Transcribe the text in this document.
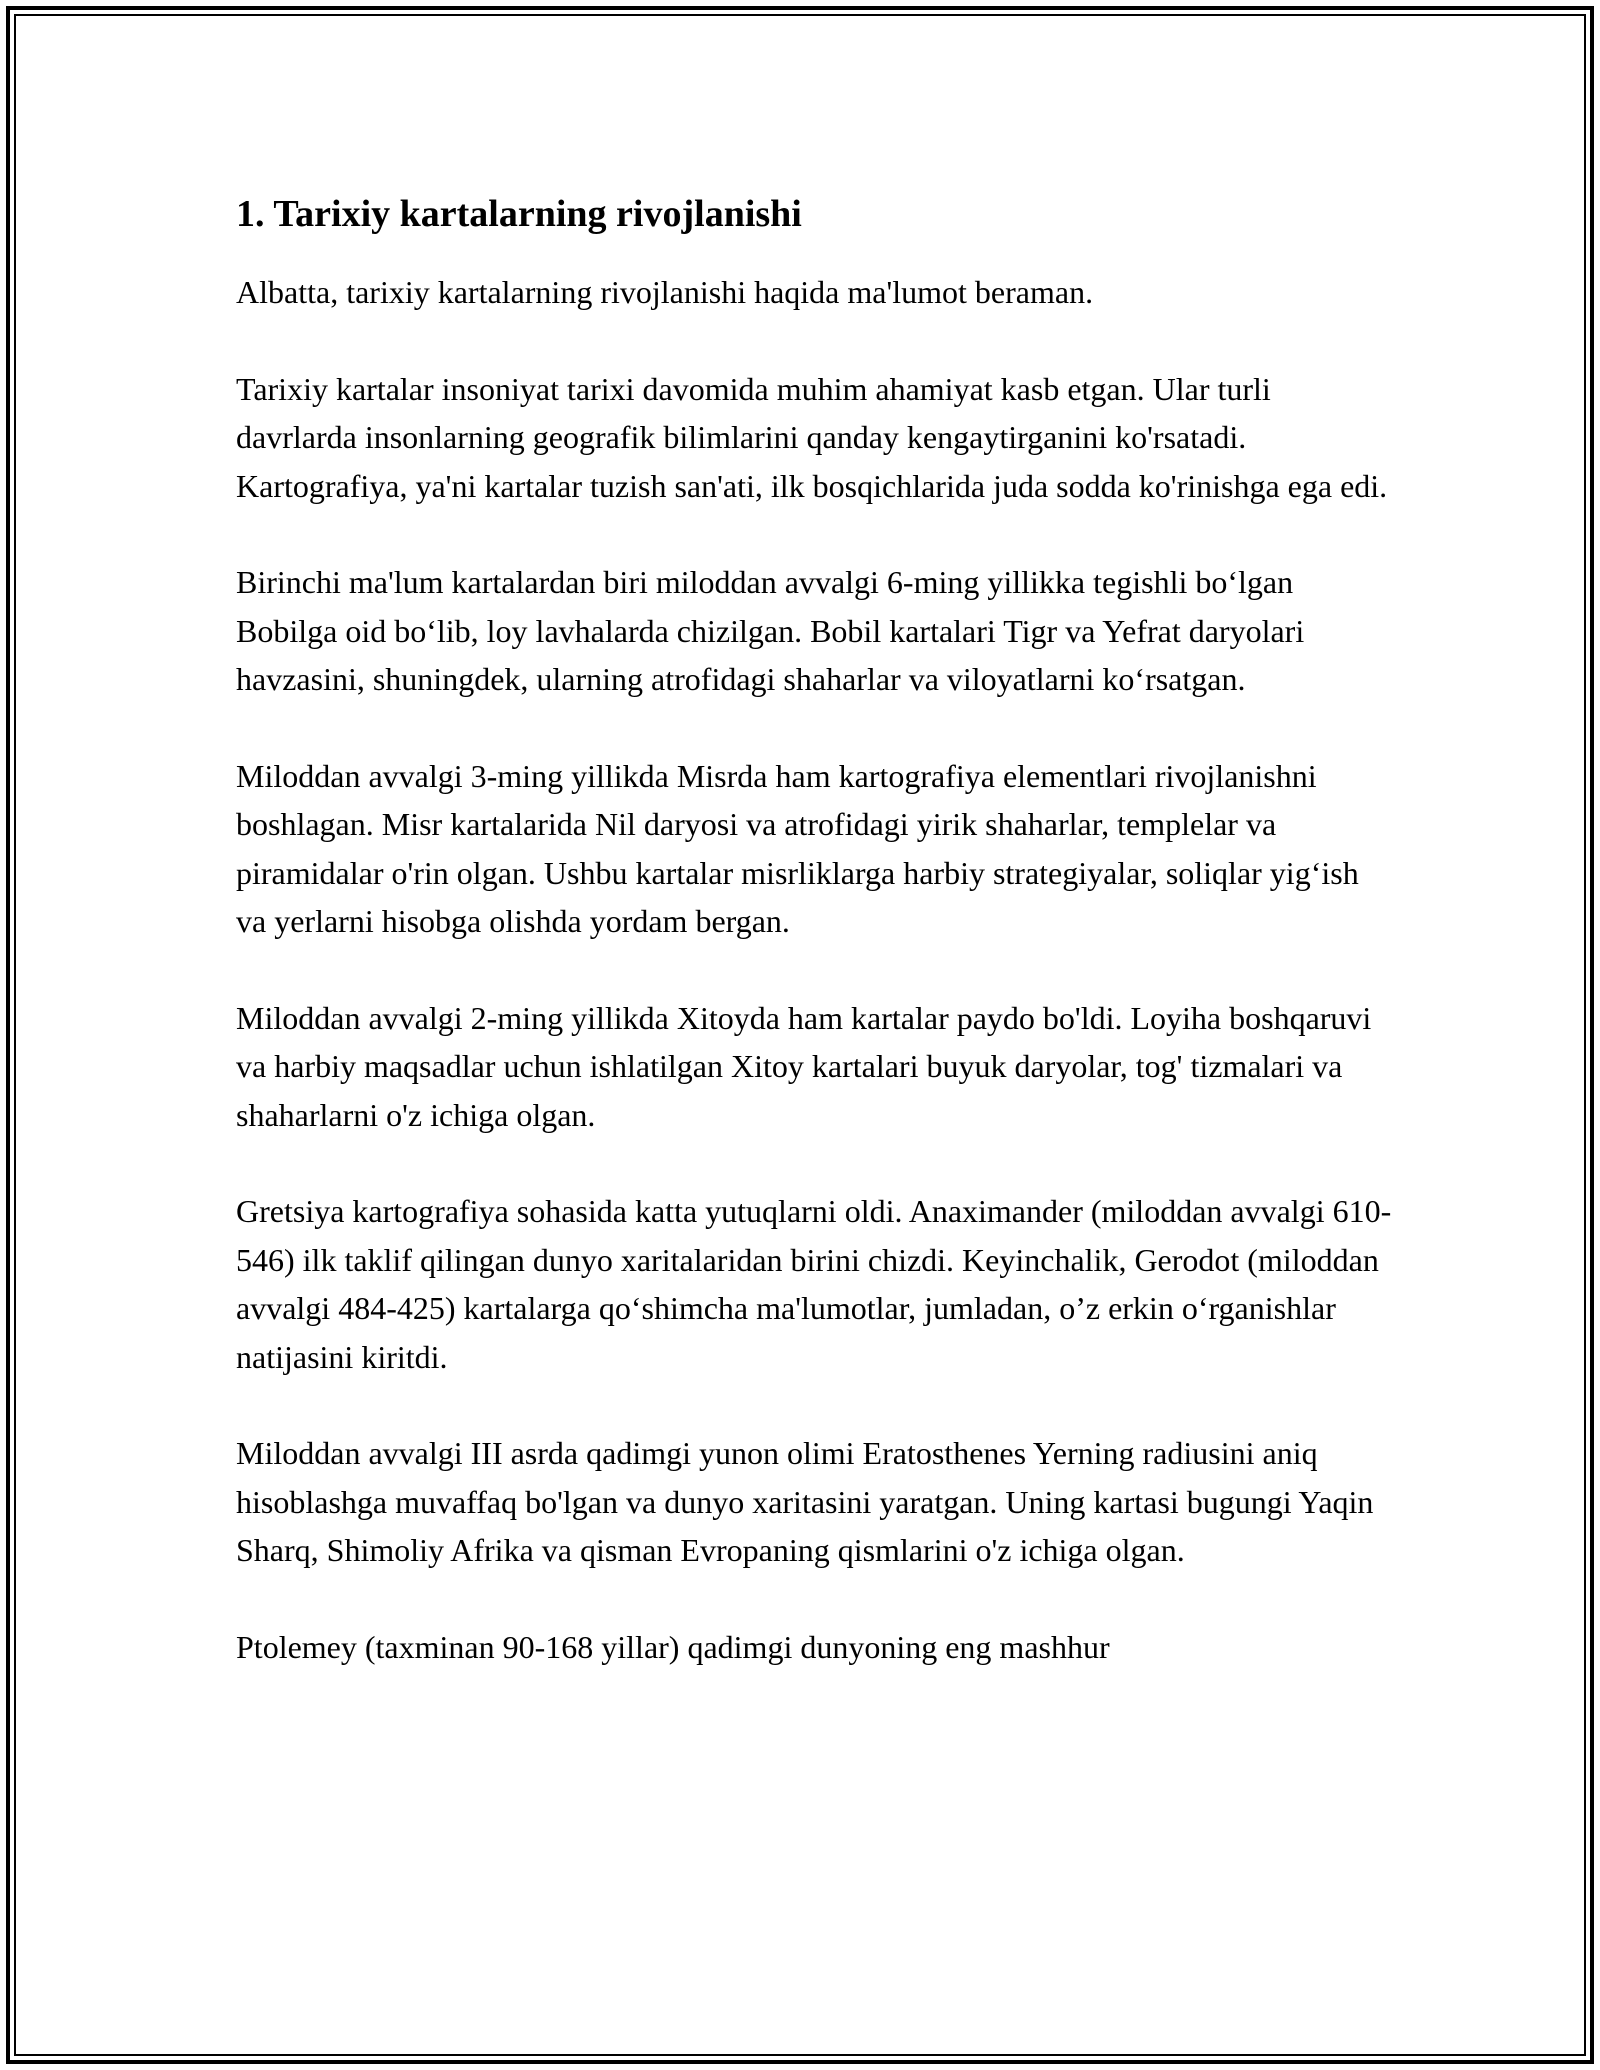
1. Tarixiy kartalarning rivojlanishi

Albatta, tarixiy kartalarning rivojlanishi haqida ma'lumot beraman.

Tarixiy kartalar insoniyat tarixi davomida muhim ahamiyat kasb etgan. Ular turli davrlarda insonlarning geografik bilimlarini qanday kengaytirganini ko'rsatadi. Kartografiya, ya'ni kartalar tuzish san'ati, ilk bosqichlarida juda sodda ko'rinishga ega edi.

Birinchi ma'lum kartalardan biri miloddan avvalgi 6-ming yillikka tegishli boʻlgan Bobilga oid boʻlib, loy lavhalarda chizilgan. Bobil kartalari Tigr va Yefrat daryolari havzasini, shuningdek, ularning atrofidagi shaharlar va viloyatlarni koʻrsatgan.

Miloddan avvalgi 3-ming yillikda Misrda ham kartografiya elementlari rivojlanishni boshlagan. Misr kartalarida Nil daryosi va atrofidagi yirik shaharlar, templelar va piramidalar o'rin olgan. Ushbu kartalar misrliklarga harbiy strategiyalar, soliqlar yigʻish va yerlarni hisobga olishda yordam bergan.

Miloddan avvalgi 2-ming yillikda Xitoyda ham kartalar paydo bo'ldi. Loyiha boshqaruvi va harbiy maqsadlar uchun ishlatilgan Xitoy kartalari buyuk daryolar, tog' tizmalari va shaharlarni o'z ichiga olgan.

Gretsiya kartografiya sohasida katta yutuqlarni oldi. Anaximander (miloddan avvalgi 610-546) ilk taklif qilingan dunyo xaritalaridan birini chizdi. Keyinchalik, Gerodot (miloddan avvalgi 484-425) kartalarga qoʻshimcha ma'lumotlar, jumladan, o’z erkin oʻrganishlar natijasini kiritdi.

Miloddan avvalgi III asrda qadimgi yunon olimi Eratosthenes Yerning radiusini aniq hisoblashga muvaffaq bo'lgan va dunyo xaritasini yaratgan. Uning kartasi bugungi Yaqin Sharq, Shimoliy Afrika va qisman Evropaning qismlarini o'z ichiga olgan.

Ptolemey (taxminan 90-168 yillar) qadimgi dunyoning eng mashhur
